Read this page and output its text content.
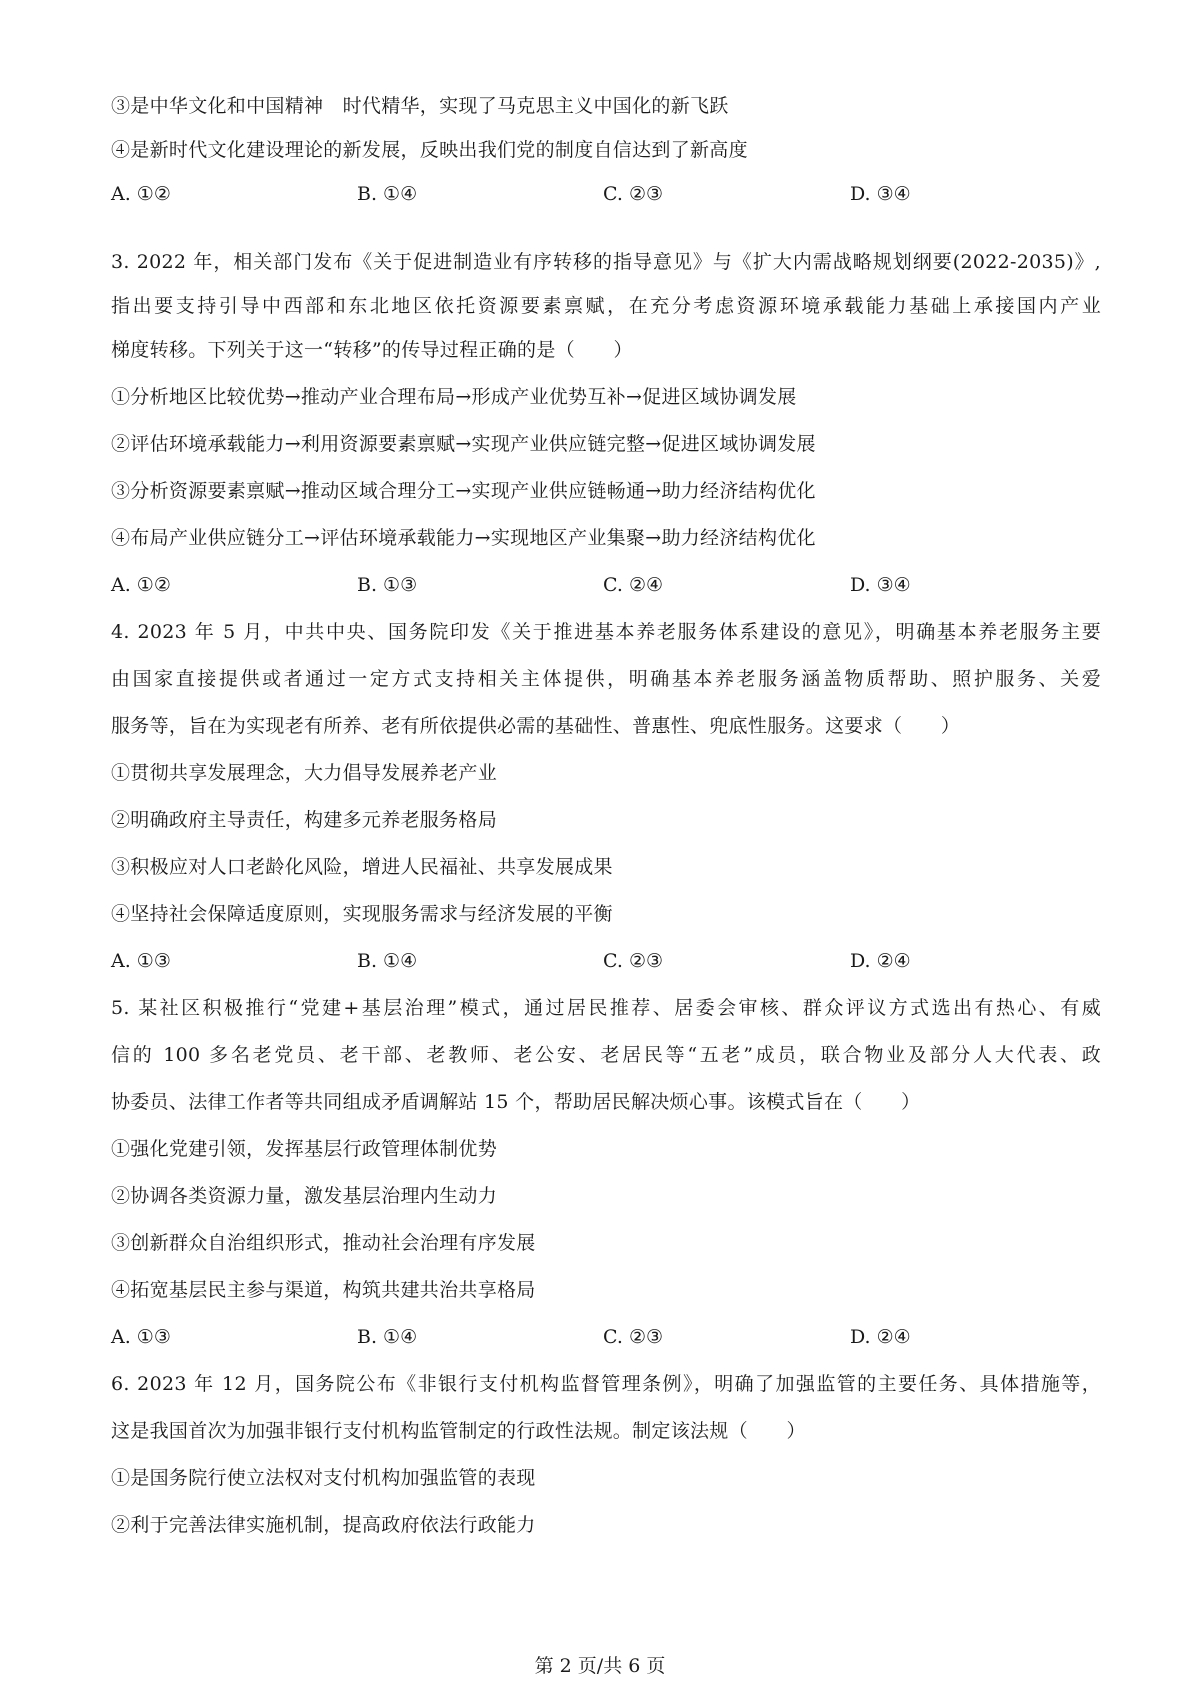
③是中华文化和中国精神　时代精华，实现了马克思主义中国化的新飞跃
④是新时代文化建设理论的新发展，反映出我们党的制度自信达到了新高度
A. ①②	B. ①④	C. ②③	D. ③④
3. 2022 年，相关部门发布《关于促进制造业有序转移的指导意见》与《扩大内需战略规划纲要(2022-2035)》,
指出要支持引导中西部和东北地区依托资源要素禀赋，在充分考虑资源环境承载能力基础上承接国内产业
梯度转移。下列关于这一“转移”的传导过程正确的是（　　）
①分析地区比较优势→推动产业合理布局→形成产业优势互补→促进区域协调发展
②评估环境承载能力→利用资源要素禀赋→实现产业供应链完整→促进区域协调发展
③分析资源要素禀赋→推动区域合理分工→实现产业供应链畅通→助力经济结构优化
④布局产业供应链分工→评估环境承载能力→实现地区产业集聚→助力经济结构优化
A. ①②	B. ①③	C. ②④	D. ③④
4. 2023 年 5 月，中共中央、国务院印发《关于推进基本养老服务体系建设的意见》，明确基本养老服务主要
由国家直接提供或者通过一定方式支持相关主体提供，明确基本养老服务涵盖物质帮助、照护服务、关爱
服务等，旨在为实现老有所养、老有所依提供必需的基础性、普惠性、兜底性服务。这要求（　　）
①贯彻共享发展理念，大力倡导发展养老产业
②明确政府主导责任，构建多元养老服务格局
③积极应对人口老龄化风险，增进人民福祉、共享发展成果
④坚持社会保障适度原则，实现服务需求与经济发展的平衡
A. ①③	B. ①④	C. ②③	D. ②④
5. 某社区积极推行“党建+基层治理”模式，通过居民推荐、居委会审核、群众评议方式选出有热心、有威
信的 100 多名老党员、老干部、老教师、老公安、老居民等“五老”成员，联合物业及部分人大代表、政
协委员、法律工作者等共同组成矛盾调解站 15 个，帮助居民解决烦心事。该模式旨在（　　）
①强化党建引领，发挥基层行政管理体制优势
②协调各类资源力量，激发基层治理内生动力
③创新群众自治组织形式，推动社会治理有序发展
④拓宽基层民主参与渠道，构筑共建共治共享格局
A. ①③	B. ①④	C. ②③	D. ②④
6. 2023 年 12 月，国务院公布《非银行支付机构监督管理条例》，明确了加强监管的主要任务、具体措施等，
这是我国首次为加强非银行支付机构监管制定的行政性法规。制定该法规（　　）
①是国务院行使立法权对支付机构加强监管的表现
②利于完善法律实施机制，提高政府依法行政能力
第 2 页/共 6 页
